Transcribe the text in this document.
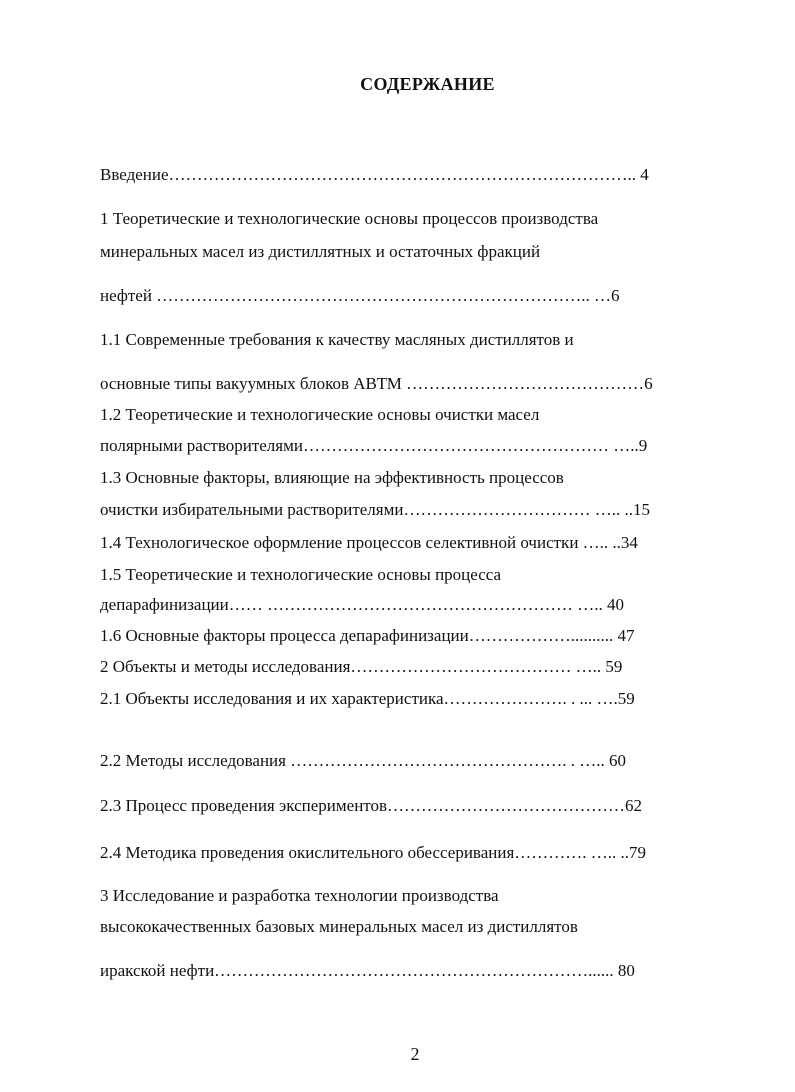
СОДЕРЖАНИЕ
Введение……………………………………………………………………….. 4
1 Теоретические и технологические основы процессов производства
минеральных масел из дистиллятных и остаточных фракций
нефтей ………………………………………………………………….. …6
1.1 Современные требования к качеству масляных дистиллятов и
основные типы вакуумных блоков АВТМ ……………………………………6
1.2 Теоретические и технологические основы очистки масел
полярными растворителями……………………………………………… …..9
1.3 Основные факторы, влияющие на эффективность процессов
очистки избирательными растворителями…………………………… ….. ..15
1.4 Технологическое оформление процессов селективной очистки ….. ..34
1.5 Теоретические и технологические основы процесса
депарафинизации…… ……………………………………………… ….. 40
1.6 Основные факторы процесса депарафинизации……………….......... 47
2 Объекты и методы исследования………………………………… ….. 59
2.1 Объекты исследования и их характеристика…………………. . ... ….59
2.2 Методы исследования …………………………………………. . ….. 60
2.3 Процесс проведения экспериментов……………………………………62
2.4 Методика проведения окислительного обессеривания…………. ….. ..79
3 Исследование и разработка технологии производства
высококачественных базовых минеральных масел из дистиллятов
иракской нефти…………………………………………………………...... 80
2
